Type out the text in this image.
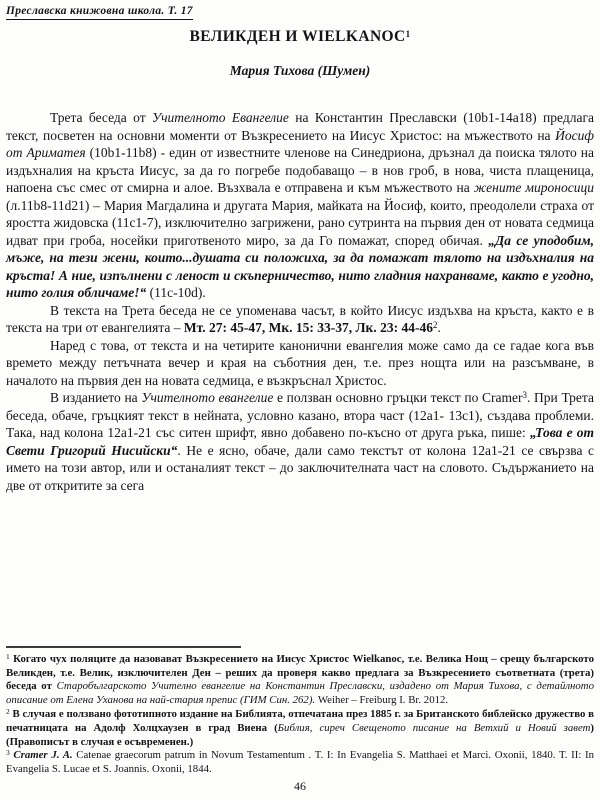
Преславска книжовна школа. Т. 17
ВЕЛИКДЕН И WIELKANOC$^1$
Мария Тихова (Шумен)

Трета беседа от Учителното Евангелие на Константин Преславски (10b1-14a18) предлага текст, посветен на основни моменти от Възкресението на Иисус Христос: на мъжеството на Йосиф от Ариматея (10b1-11b8) - един от известните членове на Синедриона, дръзнал да поиска тялото на издъхналия на кръста Иисус, за да го погребе подобаващо – в нов гроб, в нова, чиста плащеница, напоена със смес от смирна и алое. Възхвала е отправена и към мъжеството на жените мироносици (л.11b8-11d21) – Мария Магдалина и другата Мария, майката на Йосиф, които, преодолели страха от яростта жидовска (11c1-7), изключително загрижени, рано сутринта на първия ден от новата седмица идват при гроба, носейки приготвеното миро, за да Го помажат, според обичая. „Да се уподобим, мъже, на тези жени, които...душата си положиха, за да помажат тялото на издъхналия на кръста! А ние, изпълнени с леност и скъперничество, нито гладния нахранваме, както е угодно, нито голия обличаме!“ (11c-10d).

В текста на Трета беседа не се упоменава часът, в който Иисус издъхва на кръста, както е в текста на три от евангелията – Мт. 27: 45-47, Мк. 15: 33-37, Лк. 23: $44-46^2$.

Наред с това, от текста и на четирите канонични евангелия може само да се гадае кога във времето между петъчната вечер и края на съботния ден, т.е. през нощта или на разсъмване, в началото на първия ден на новата седмица, е възкръснал Христос.

В изданието на Учителното евангелие е ползван основно гръцки текст по Cramer$^3$. При Трета беседа, обаче, гръцкият текст в нейната, условно казано, втора част (12a1- 13c1), създава проблеми. Така, над колона 12a1-21 със ситен шрифт, явно добавено по-късно от друга ръка, пише: „Това е от Свети Григорий Нисийски“. Не е ясно, обаче, дали само текстът от колона 12a1-21 се свързва с името на този автор, или и останалият текст – до заключителната част на словото. Съдържанието на две от откритите за сега

$^1$ Когато чух поляците да назовават Възкресението на Иисус Христос Wielkanoc, т.е. Велика Нощ – срещу българското Великден, т.е. Велик, изключителен Ден – реших да проверя какво предлага за Възкресението съответната (трета) беседа от Старобългарското Учително евангелие на Константин Преславски, издадено от Мария Тихова, с детайлното описание от Елена Уханова на най-стария препис (ГИМ Син. 262). Weiher – Freiburg I. Br. 2012.
$^2$ В случая е ползвано фототипното издание на Библията, отпечатана през 1885 г. за Британското библейско дружество в печатницата на Адолф Холцхаузен в град Виена (Библия, сиреч Свещеното писание на Ветхий и Новий завет) (Правописът в случая е осъвременен.)
$^3$ Cramer J. A. Catenae graecorum patrum in Novum Testamentum . T. I: In Evangelia S. Matthaei et Marci. Oxonii, 1840. T. II: In Evangelia S. Lucae et S. Joannis. Oxonii, 1844.
46
